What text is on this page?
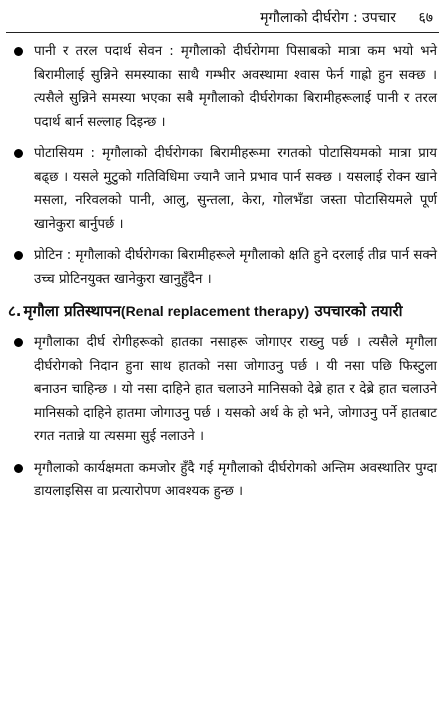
मृगौलाको दीर्घरोग : उपचार ६७

पानी र तरल पदार्थ सेवन : मृगौलाको दीर्घरोगमा पिसाबको मात्रा कम भयो भने बिरामीलाई सुन्निने समस्याका साथै गम्भीर अवस्थामा श्वास फेर्न गाह्रो हुन सक्छ । त्यसैले सुन्निने समस्या भएका सबै मृगौलाको दीर्घरोगका बिरामीहरूलाई पानी र तरल पदार्थ बार्न सल्लाह दिइन्छ ।

पोटासियम : मृगौलाको दीर्घरोगका बिरामीहरूमा रगतको पोटासियमको मात्रा प्राय बढ्छ । यसले मुटुको गतिविधिमा ज्यानै जाने प्रभाव पार्न सक्छ । यसलाई रोक्न खाने मसला, नरिवलको पानी, आलु, सुन्तला, केरा, गोलभँडा जस्ता पोटासियमले पूर्ण खानेकुरा बार्नुपर्छ ।

प्रोटिन : मृगौलाको दीर्घरोगका बिरामीहरूले मृगौलाको क्षति हुने दरलाई तीव्र पार्न सक्ने उच्च प्रोटिनयुक्त खानेकुरा खानुहुँदैन ।

८. मृगौला प्रतिस्थापन(Renal replacement therapy) उपचारको तयारी

मृगौलाका दीर्घ रोगीहरूको हातका नसाहरू जोगाएर राख्नु पर्छ । त्यसैले मृगौला दीर्घरोगको निदान हुना साथ हातको नसा जोगाउनु पर्छ । यी नसा पछि फिस्टुला बनाउन चाहिन्छ । यो नसा दाहिने हात चलाउने मानिसको देब्रे हात र देब्रे हात चलाउने मानिसको दाहिने हातमा जोगाउनु पर्छ । यसको अर्थ के हो भने, जोगाउनु पर्ने हातबाट रगत नतान्ने या त्यसमा सुई नलाउने ।

मृगौलाको कार्यक्षमता कमजोर हुँदै गई मृगौलाको दीर्घरोगको अन्तिम अवस्थातिर पुग्दा डायलाइसिस वा प्रत्यारोपण आवश्यक हुन्छ ।
